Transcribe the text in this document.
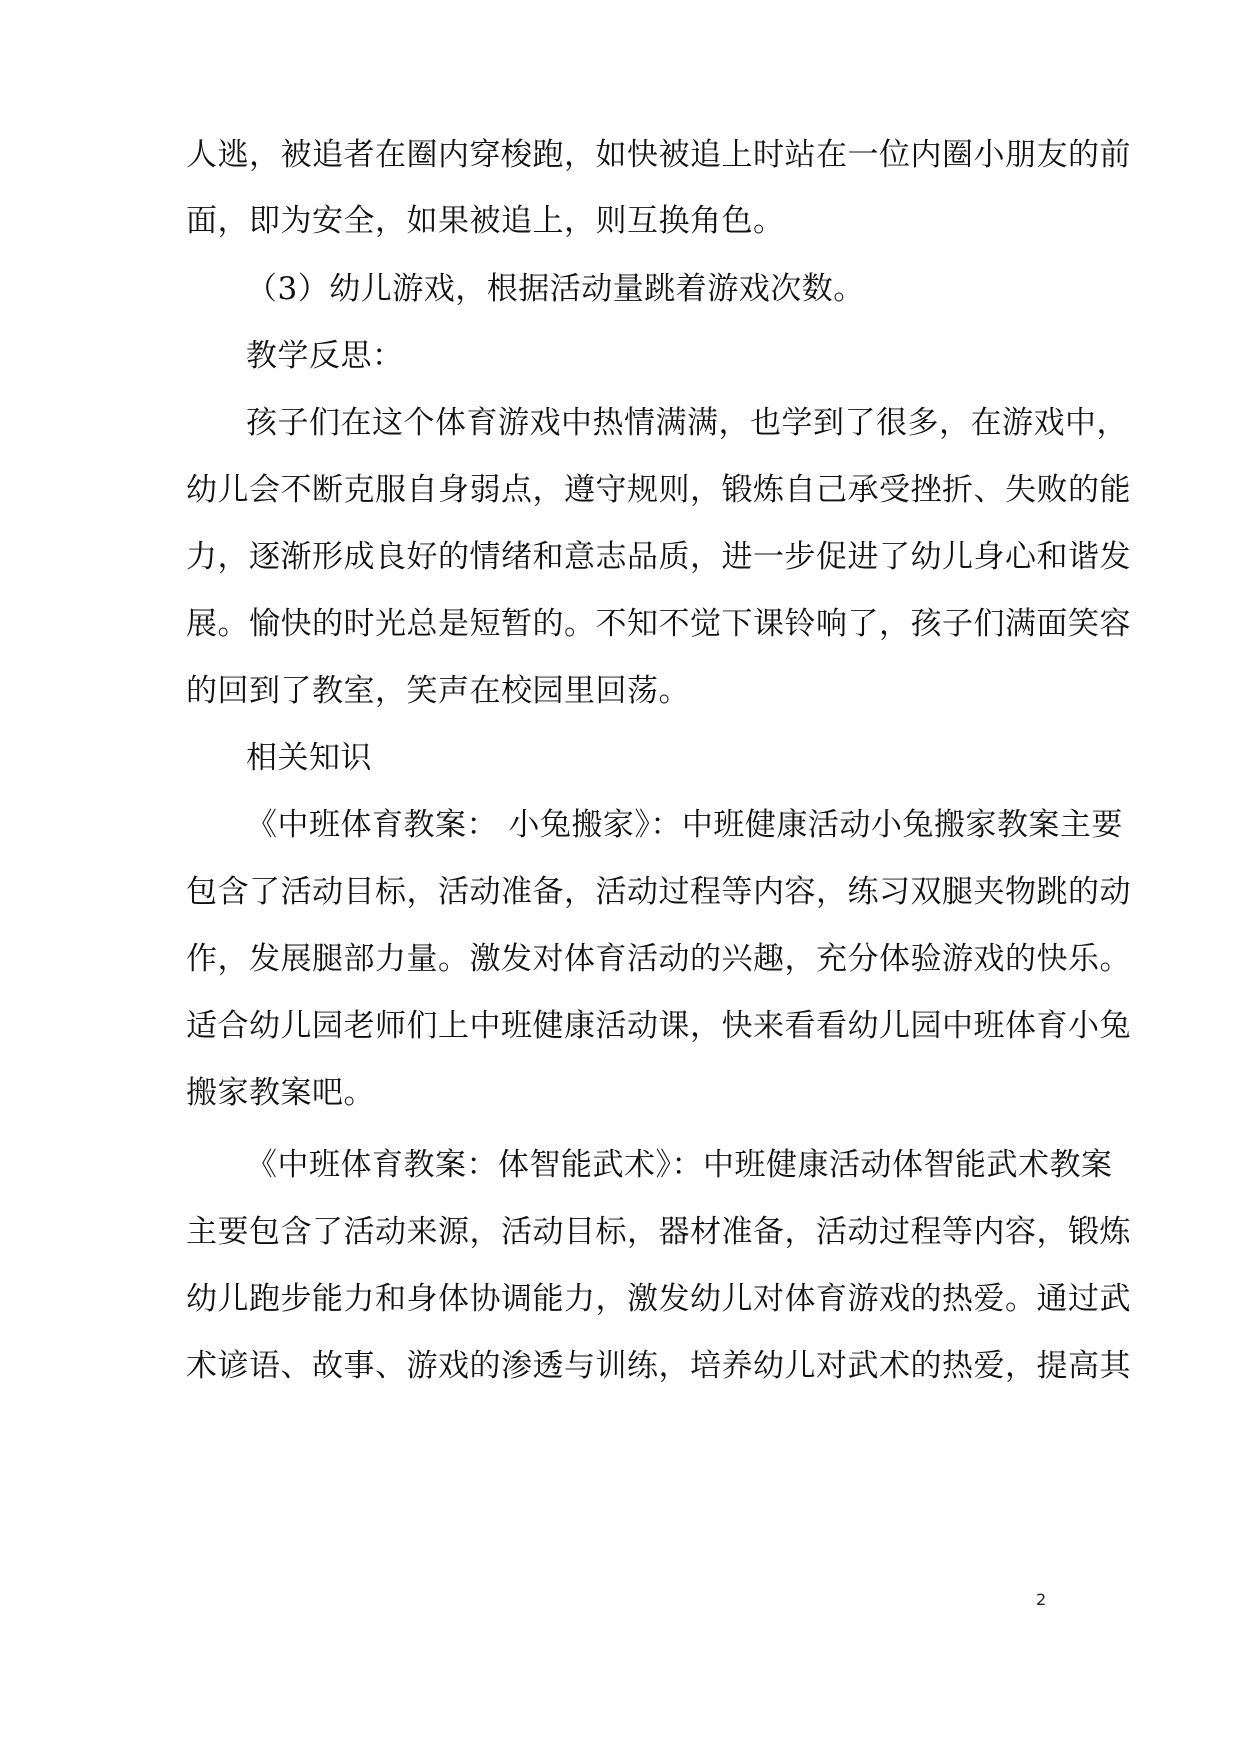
人逃，被追者在圈内穿梭跑，如快被追上时站在一位内圈小朋友的前
面，即为安全，如果被追上，则互换角色。
（3）幼儿游戏，根据活动量跳着游戏次数。
教学反思：
孩子们在这个体育游戏中热情满满，也学到了很多，在游戏中，
幼儿会不断克服自身弱点，遵守规则，锻炼自己承受挫折、失败的能
力，逐渐形成良好的情绪和意志品质，进一步促进了幼儿身心和谐发
展。愉快的时光总是短暂的。不知不觉下课铃响了，孩子们满面笑容
的回到了教室，笑声在校园里回荡。
相关知识
《中班体育教案： 小兔搬家》：中班健康活动小兔搬家教案主要
包含了活动目标，活动准备，活动过程等内容，练习双腿夹物跳的动
作，发展腿部力量。激发对体育活动的兴趣，充分体验游戏的快乐。
适合幼儿园老师们上中班健康活动课，快来看看幼儿园中班体育小兔
搬家教案吧。
《中班体育教案：体智能武术》：中班健康活动体智能武术教案
主要包含了活动来源，活动目标，器材准备，活动过程等内容，锻炼
幼儿跑步能力和身体协调能力，激发幼儿对体育游戏的热爱。通过武
术谚语、故事、游戏的渗透与训练，培养幼儿对武术的热爱，提高其
2
